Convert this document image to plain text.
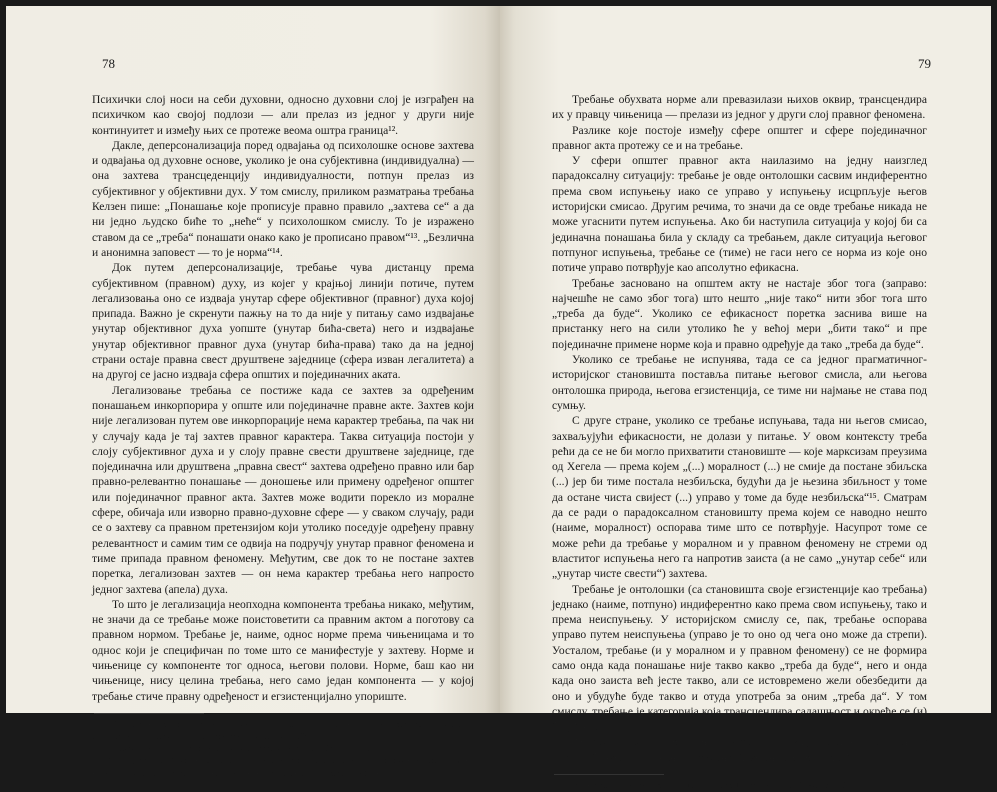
78

Психички слој носи на себи духовни, односно духовни слој је изграђен на психичком као својој подлози — али прелаз из једног у други није континуитет и између њих се протеже веома оштра граница¹².

Дакле, деперсонализација поред одвајања од психолошке основе захтева и одвајања од духовне основе, уколико је она субјективна (индивидуална) — она захтева трансцеденцију индивидуалности, потпун прелаз из субјективног у објективни дух. У том смислу, приликом разматрања требања Келзен пише: „Понашање које прописује правно правило „захтева се“ а да ни једно људско биће то „неће“ у психолошком смислу. То је изражено ставом да се „треба“ понашати онако како је прописано правом“¹³. „Безлична и анонимна заповест — то је норма“¹⁴.

Док путем деперсонализације, требање чува дистанцу према субјективном (правном) духу, из којег у крајњој линији потиче, путем легализовања оно се издваја унутар сфере објективног (правног) духа којој припада. Важно је скренути пажњу на то да није у питању само издвајање унутар објективног духа уопште (унутар бића-света) него и издвајање унутар објективног правног духа (унутар бића-права) тако да на једној страни остаје правна свест друштвене заједнице (сфера изван легалитета) а на другој се јасно издваја сфера општих и појединачних аката.

Легализовање требања се постиже када се захтев за одређеним понашањем инкорпорира у опште или појединачне правне акте. Захтев који није легализован путем ове инкорпорације нема карактер требања, па чак ни у случају када је тај захтев правног карактера. Таква ситуација постоји у слоју субјективног духа и у слоју правне свести друштвене заједнице, где појединачна или друштвена „правна свест“ захтева одређено правно или бар правно-релевантно понашање — доношење или примену одређеног општег или појединачног правног акта. Захтев може водити порекло из моралне сфере, обичаја или изворно правно-духовне сфере — у сваком случају, ради се о захтеву са правном претензијом који утолико поседује одређену правну релевантност и самим тим се одвија на подручју унутар правног феномена и тиме припада правном феномену. Међутим, све док то не постане захтев поретка, легализован захтев — он нема карактер требања него напросто једног захтева (апела) духа.

То што је легализација неопходна компонента требања никако, међутим, не значи да се требање може поистоветити са правним актом а поготову са правном нормом. Требање је, наиме, однос норме према чињеницама и то однос који је специфичан по томе што се манифестује у захтеву. Норме и чињенице су компоненте тог односа, његови полови. Норме, баш као ни чињенице, нису целина требања, него само један компонента — у којој требање стиче правну одређеност и егзистенцијално упориште.

¹² Животиње такође поседују психички слој, али не и духовни. Види о томе код Шелера — Scheler, M.: Положај човјека у космосу, Сарајево 1987.

¹³ Келзен, Х.: Општа теорија права и државе, Београд 1951, стр. 47.

¹⁴ Ibid., стр. 48. Келзену би се овде једино могло приговорити на недовољном разликовању норме — која је ипак само једна компонента требања — и самог требања.

79

Требање обухвата норме али превазилази њихов оквир, трансцендира их у правцу чињеница — прелази из једног у други слој правног феномена.

Разлике које постоје између сфере општег и сфере појединачног правног акта протежу се и на требање.

У сфери општег правног акта наилазимо на једну наизглед парадоксалну ситуацију: требање је овде онтолошки сасвим индиферентно према свом испуњењу иако се управо у испуњењу исцрпљује његов историјски смисао. Другим речима, то значи да се овде требање никада не може угаснити путем испуњења. Ако би наступила ситуација у којој би са јединачна понашања била у складу са требањем, дакле ситуација његовог потпуног испуњења, требање се (тиме) не гаси него се норма из које оно потиче управо потврђује као апсолутно ефикасна.

Требање засновано на општем акту не настаје због тога (заправо: најчешће не само због тога) што нешто „није тако“ нити због тога што „треба да буде“. Уколико се ефикасност поретка заснива више на пристанку него на сили утолико ће у већој мери „бити тако“ и пре појединачне примене норме која и правно одређује да тако „треба да буде“.

Уколико се требање не испунява, тада се са једног прагматичног-историјског становишта поставља питање његовог смисла, али његова онтолошка природа, његова егзистенција, се тиме ни најмање не става под сумњу.

С друге стране, уколико се требање испуњава, тада ни његов смисао, захваљујући ефикасности, не долази у питање. У овом контексту треба рећи да се не би могло прихватити становиште — које марксизам преузима од Хегела — према којем „(...) моралност (...) не смије да постане збиљска (...) јер би тиме постала незбиљска, будући да је њезина збиљност у томе да остане чиста свијест (...) управо у томе да буде незбиљска“¹⁵. Сматрам да се ради о парадоксалном становишту према којем се наводно нешто (наиме, моралност) оспорава тиме што се потврђује. Насупрот томе се може рећи да требање у моралном и у правном феномену не стреми од властитог испуњења него га напротив заиста (а не само „унутар себе“ или „унутар чисте свести“) захтева.

Требање је онтолошки (са становишта своје егзистенције као требања) једнако (наиме, потпуно) индиферентно како према свом испуњењу, тако и према неиспуњењу. У историјском смислу се, пак, требање оспорава управо путем неиспуњења (управо је то оно од чега оно може да стрепи). Уосталом, требање (и у моралном и у правном феномену) се не формира само онда када понашање није такво какво „треба да буде“, него и онда када оно заиста већ јесте такво, али се истовремено жели обезбедити да оно и убудуће буде такво и отуда употреба за оним „треба да“. У том смислу, требање је категорија која трансцендира садашњост и окреће се (и) будућности.

За разлику од општег правног акта, у подручју појединачног правног акта требање се испуњењем отклања. Требање захтева одређе-

¹⁵ Кангрга, М.: Etički problem u djelu Karla Marxa, Београд 1980, стр. 61.
